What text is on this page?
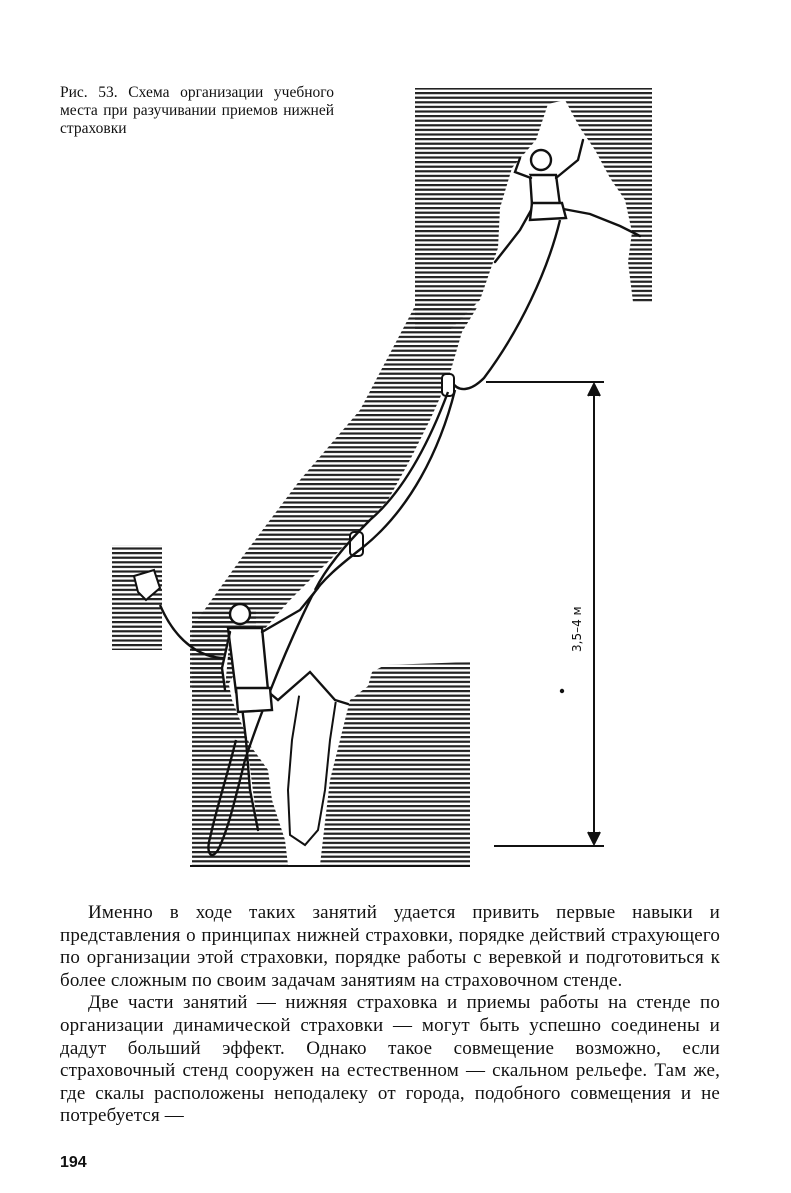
Рис. 53. Схема организации учебного места при разучивании приемов нижней страховки
3,5–4 м

Именно в ходе таких занятий удается привить первые навыки и представления о принципах нижней страховки, порядке действий страхующего по организации этой страховки, порядке работы с веревкой и подготовиться к более сложным по своим задачам занятиям на страховочном стенде.

Две части занятий — нижняя страховка и приемы работы на стенде по организации динамической страховки — могут быть успешно соединены и дадут больший эффект. Однако такое совмещение возможно, если страховочный стенд сооружен на естественном — скальном рельефе. Там же, где скалы расположены неподалеку от города, подобного совмещения и не потребуется —

194
